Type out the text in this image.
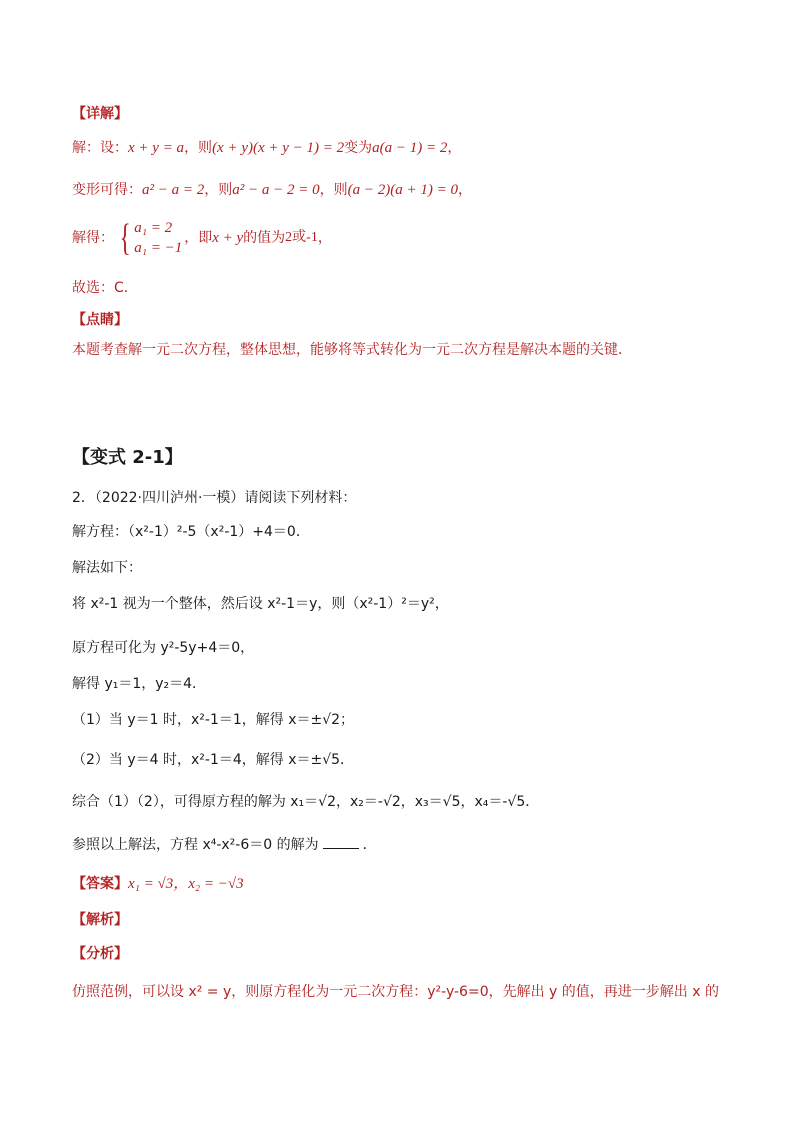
【详解】
解：设：x + y = a，则(x + y)(x + y − 1) = 2变为a(a − 1) = 2，
变形可得：a² − a = 2，则a² − a − 2 = 0，则(a − 2)(a + 1) = 0，
解得： { a₁ = 2
a₁ = −1
，即x + y的值为2或-1，
故选：C．
【点睛】
本题考查解一元二次方程，整体思想，能够将等式转化为一元二次方程是解决本题的关键．
【变式 2-1】
2．（2022·四川泸州·一模）请阅读下列材料：
解方程：（x²-1）²-5（x²-1）+4＝0．
解法如下：
将 x²-1 视为一个整体，然后设 x²-1＝y，则（x²-1）²＝y²，
原方程可化为 y²-5y+4＝0，
解得 y₁＝1，y₂＝4．
（1）当 y＝1 时，x²-1＝1，解得 x＝±√2；
（2）当 y＝4 时，x²-1＝4，解得 x＝±√5．
综合（1）（2），可得原方程的解为 x₁＝√2，x₂＝-√2，x₃＝√5，x₄＝-√5．
参照以上解法，方程 x⁴-x²-6＝0 的解为	．
【答案】x₁ = √3，x₂ = −√3
【解析】
【分析】
仿照范例，可以设 x² = y，则原方程化为一元二次方程：y²-y-6=0，先解出 y 的值，再进一步解出 x 的
